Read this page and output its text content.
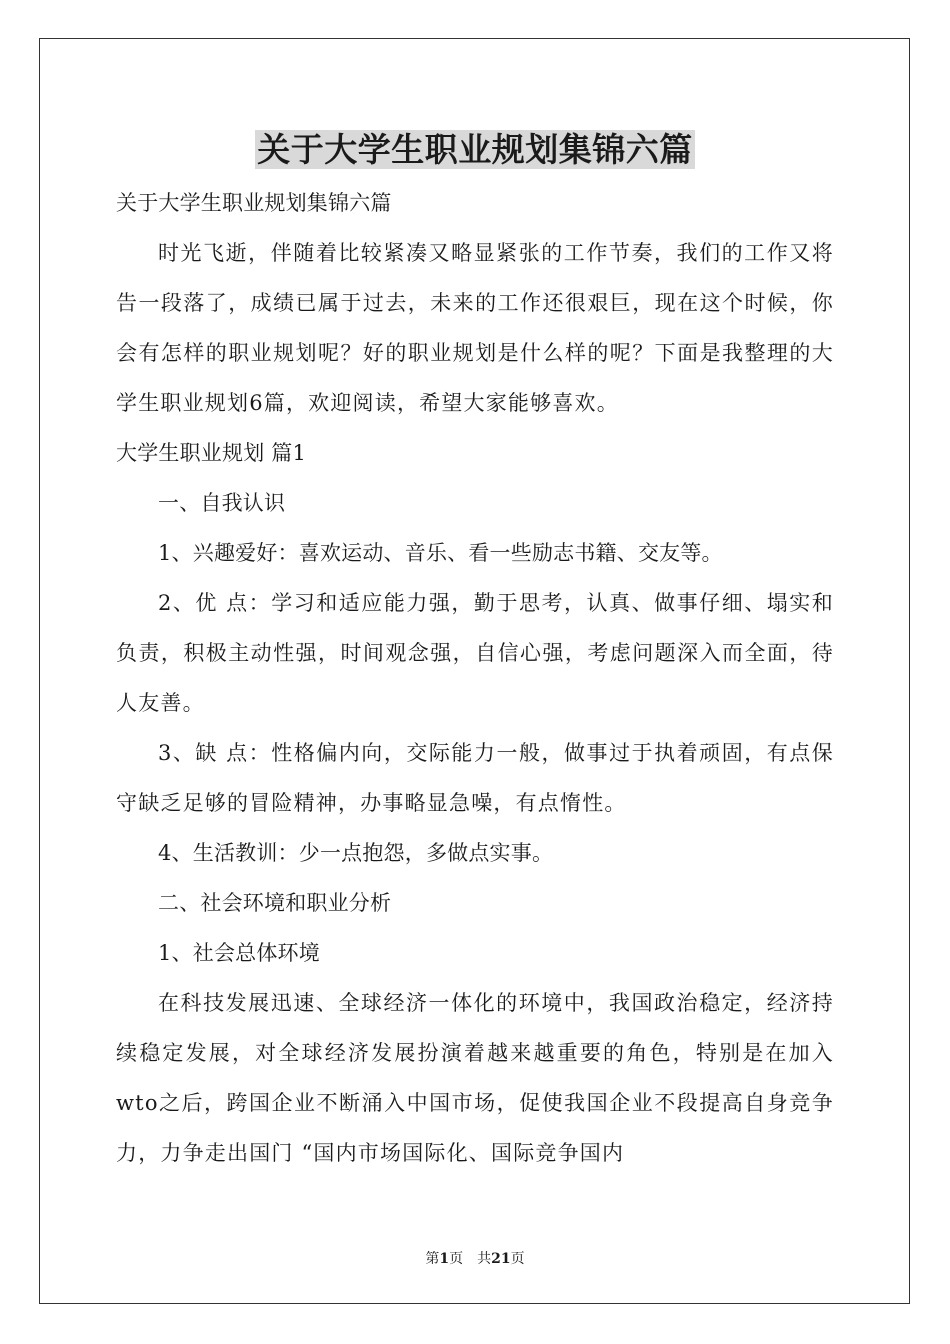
关于大学生职业规划集锦六篇
关于大学生职业规划集锦六篇

时光飞逝，伴随着比较紧凑又略显紧张的工作节奏，我们的工作又将告一段落了，成绩已属于过去，未来的工作还很艰巨，现在这个时候，你会有怎样的职业规划呢？好的职业规划是什么样的呢？下面是我整理的大学生职业规划6篇，欢迎阅读，希望大家能够喜欢。

大学生职业规划 篇1
一、自我认识
1、兴趣爱好：喜欢运动、音乐、看一些励志书籍、交友等。

2、优 点：学习和适应能力强，勤于思考，认真、做事仔细、塌实和负责，积极主动性强，时间观念强，自信心强，考虑问题深入而全面，待人友善。

3、缺 点：性格偏内向，交际能力一般，做事过于执着顽固，有点保守缺乏足够的冒险精神，办事略显急噪，有点惰性。

4、生活教训：少一点抱怨，多做点实事。
二、社会环境和职业分析
1、社会总体环境

在科技发展迅速、全球经济一体化的环境中，我国政治稳定，经济持续稳定发展，对全球经济发展扮演着越来越重要的角色，特别是在加入wto之后，跨国企业不断涌入中国市场，促使我国企业不段提高自身竞争力，力争走出国门 “国内市场国际化、国际竞争国内

第1页 共21页
